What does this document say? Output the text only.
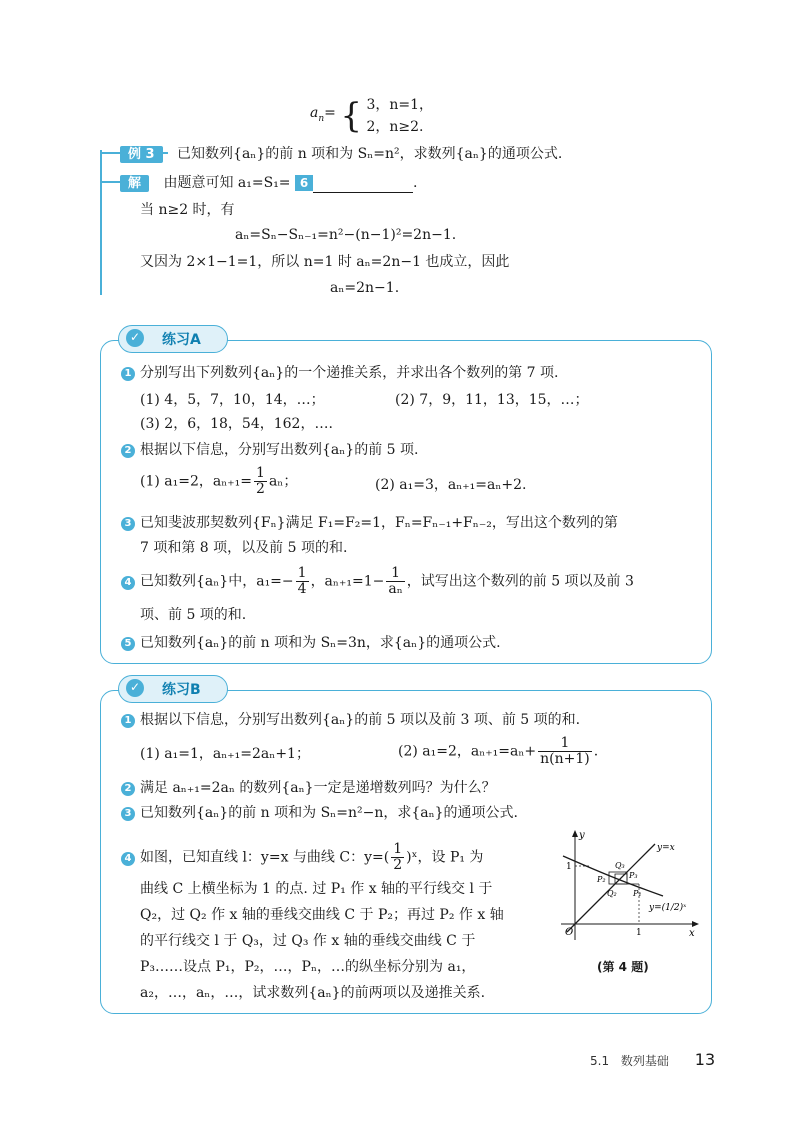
$a_n=$ { 3，n=1，
2，n≥2.
例 3 已知数列{aₙ}的前 n 项和为 Sₙ=n²，求数列{aₙ}的通项公式.
解 由题意可知 a₁=S₁= 6	.
当 n≥2 时，有
aₙ=Sₙ−Sₙ₋₁=n²−(n−1)²=2n−1.
又因为 2×1−1=1，所以 n=1 时 aₙ=2n−1 也成立，因此
aₙ=2n−1.
✓ 练习A
1 分别写出下列数列{aₙ}的一个递推关系，并求出各个数列的第 7 项.
(1) 4，5，7，10，14，…；	(2) 7，9，11，13，15，…；
(3) 2，6，18，54，162，….
2 根据以下信息，分别写出数列{aₙ}的前 5 项.
(1) a₁=2，$a_{n+1}= \frac{1}{2}$ aₙ；	(2) a₁=3，aₙ₊₁=aₙ+2.
3 已知斐波那契数列{Fₙ}满足 F₁=F₂=1，Fₙ=Fₙ₋₁+Fₙ₋₂，写出这个数列的第
7 项和第 8 项，以及前 5 项的和.
4 已知数列{aₙ}中，$a_1=- \frac{1}{4}$ ，$a_{n+1}=1- \frac{1}{\text{aₙ}}$ ，试写出这个数列的前 5 项以及前 3
项、前 5 项的和.
5 已知数列{aₙ}的前 n 项和为 Sₙ=3n，求{aₙ}的通项公式.
✓ 练习B
1 根据以下信息，分别写出数列{aₙ}的前 5 项以及前 3 项、前 5 项的和.
(1) a₁=1，aₙ₊₁=2aₙ+1；	(2) a₁=2，$a_{n+1}=a_n+ \frac{1}{n(n+1)}$ .
2 满足 aₙ₊₁=2aₙ 的数列{aₙ}一定是递增数列吗？为什么？
3 已知数列{aₙ}的前 n 项和为 Sₙ=n²−n，求{aₙ}的通项公式.
4 如图，已知直线 l：y=x 与曲线 C：$y=( \frac{1}{2}$ )ˣ，设 P₁ 为
曲线 C 上横坐标为 1 的点. 过 P₁ 作 x 轴的平行线交 l 于
Q₂，过 Q₂ 作 x 轴的垂线交曲线 C 于 P₂；再过 P₂ 作 x 轴
的平行线交 l 于 Q₃，过 Q₃ 作 x 轴的垂线交曲线 C 于
P₃……设点 P₁，P₂，…，Pₙ，…的纵坐标分别为 a₁，
a₂，…，aₙ，…，试求数列{aₙ}的前两项以及递推关系.
y
x
O
1
1
y=x
y=(1/2)ˣ
Q₃
P₂	P₃
Q₂ P₁
(第 4 题)
5.1 数列基础 13
